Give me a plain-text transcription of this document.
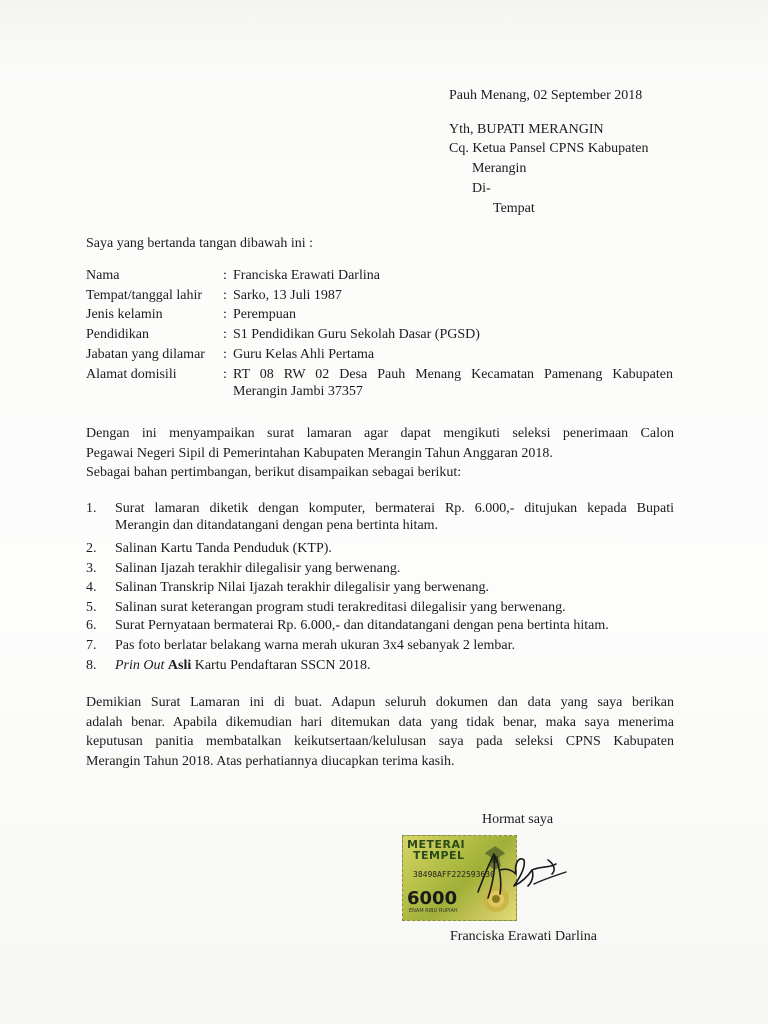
Pauh Menang, 02 September 2018
Yth, BUPATI MERANGIN
Cq. Ketua Pansel CPNS Kabupaten
Merangin
Di-
Tempat
Saya yang bertanda tangan dibawah ini :
Nama	: Franciska Erawati Darlina
Tempat/tanggal lahir : Sarko, 13 Juli 1987
Jenis kelamin	: Perempuan
Pendidikan	: S1 Pendidikan Guru Sekolah Dasar (PGSD)
Jabatan yang dilamar : Guru Kelas Ahli Pertama
Alamat domisili	: RT 08 RW 02 Desa Pauh Menang Kecamatan Pamenang Kabupaten
Merangin Jambi 37357
Dengan ini menyampaikan surat lamaran agar dapat mengikuti seleksi penerimaan Calon
Pegawai Negeri Sipil di Pemerintahan Kabupaten Merangin Tahun Anggaran 2018.
Sebagai bahan pertimbangan, berikut disampaikan sebagai berikut:
1. Surat lamaran diketik dengan komputer, bermaterai Rp. 6.000,- ditujukan kepada Bupati
Merangin dan ditandatangani dengan pena bertinta hitam.
2. Salinan Kartu Tanda Penduduk (KTP).
3. Salinan Ijazah terakhir dilegalisir yang berwenang.
4. Salinan Transkrip Nilai Ijazah terakhir dilegalisir yang berwenang.
5. Salinan surat keterangan program studi terakreditasi dilegalisir yang berwenang.
6. Surat Pernyataan bermaterai Rp. 6.000,- dan ditandatangani dengan pena bertinta hitam.
7. Pas foto berlatar belakang warna merah ukuran 3x4 sebanyak 2 lembar.
8. Prin Out Asli Kartu Pendaftaran SSCN 2018.
Demikian Surat Lamaran ini di buat. Adapun seluruh dokumen dan data yang saya berikan
adalah benar. Apabila dikemudian hari ditemukan data yang tidak benar, maka saya menerima
keputusan panitia membatalkan keikutsertaan/kelulusan saya pada seleksi CPNS Kabupaten
Merangin Tahun 2018. Atas perhatiannya diucapkan terima kasih.
Hormat saya
METERAI
TEMPEL
38498AFF222593630
6000
ENAM RIBU RUPIAH
Franciska Erawati Darlina
